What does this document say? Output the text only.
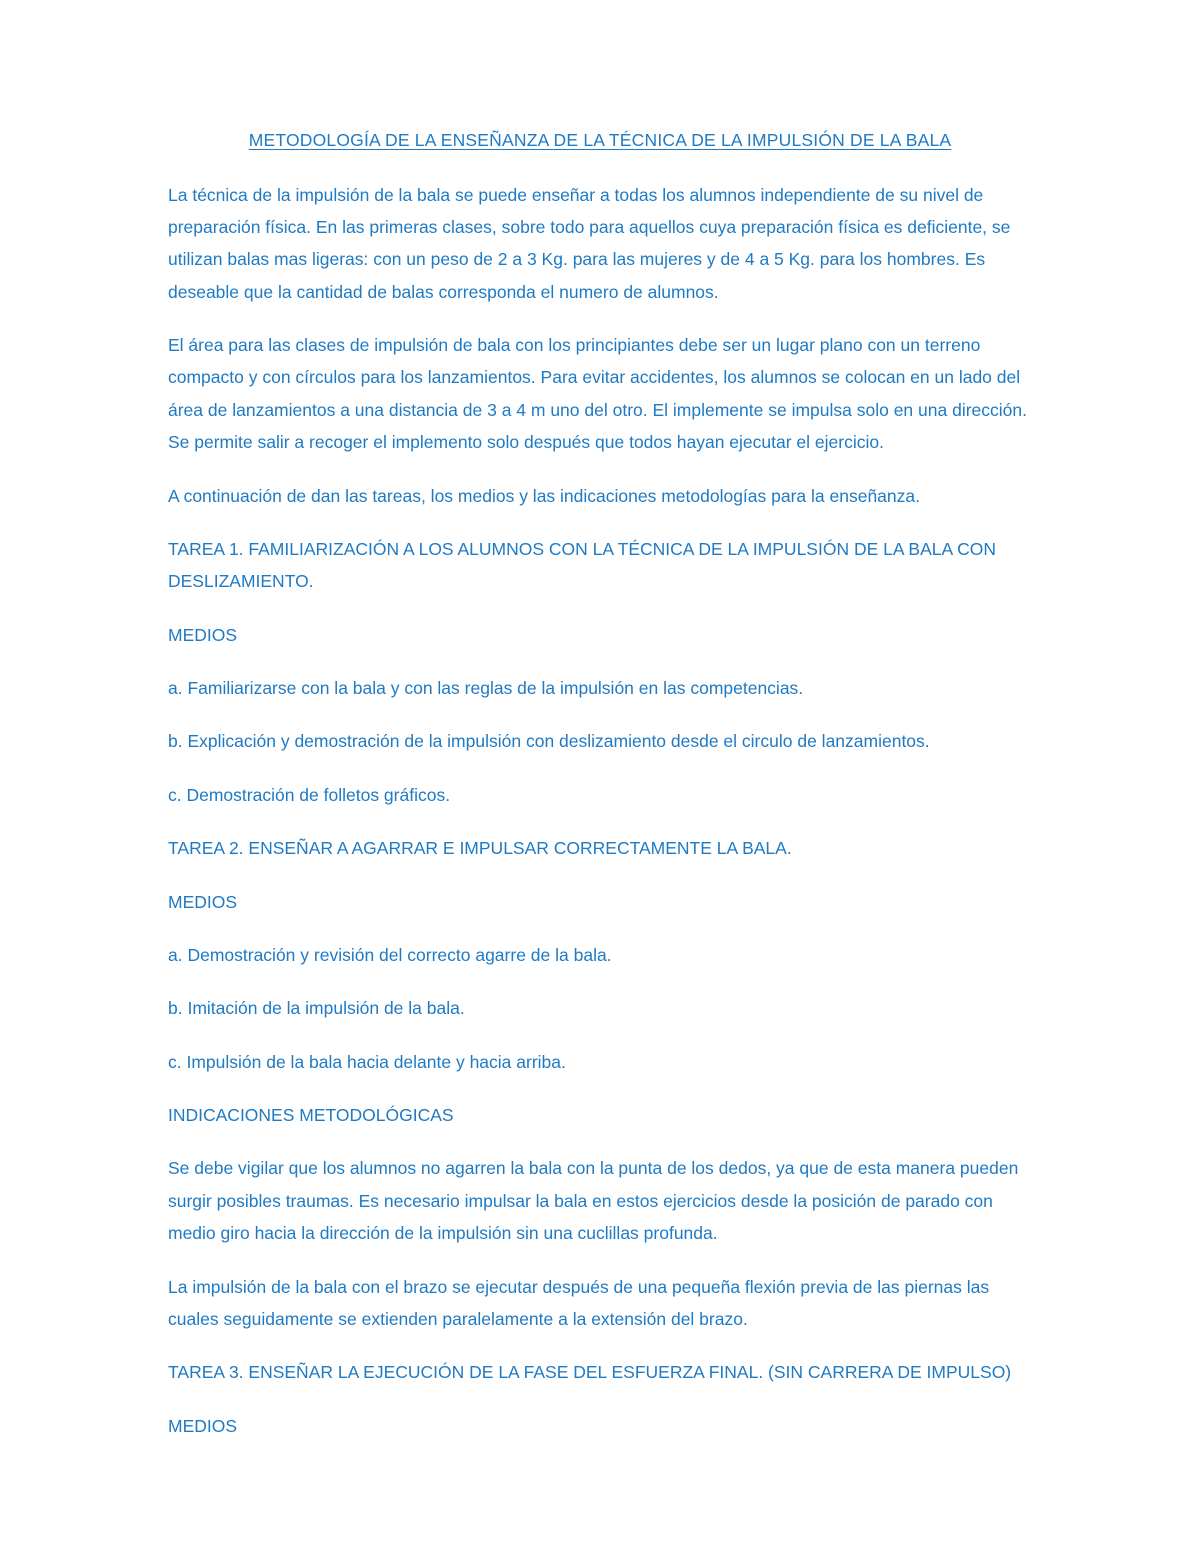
METODOLOGÍA DE LA ENSEÑANZA DE LA TÉCNICA DE LA IMPULSIÓN DE LA BALA

La técnica de la impulsión de la bala se puede enseñar a todas los alumnos independiente de su nivel de preparación física. En las primeras clases, sobre todo para aquellos cuya preparación física es deficiente, se utilizan balas mas ligeras: con un peso de 2 a 3 Kg. para las mujeres y de 4 a 5 Kg. para los hombres. Es deseable que la cantidad de balas corresponda el numero de alumnos.

El área para las clases de impulsión de bala con los principiantes debe ser un lugar plano con un terreno compacto y con círculos para los lanzamientos. Para evitar accidentes, los alumnos se colocan en un lado del área de lanzamientos a una distancia de 3 a 4 m uno del otro. El implemente se impulsa solo en una dirección. Se permite salir a recoger el implemento solo después que todos hayan ejecutar el ejercicio.

A continuación de dan las tareas, los medios y las indicaciones metodologías para la enseñanza.

TAREA 1. FAMILIARIZACIÓN A LOS ALUMNOS CON LA TÉCNICA DE LA IMPULSIÓN DE LA BALA CON DESLIZAMIENTO.
MEDIOS

a. Familiarizarse con la bala y con las reglas de la impulsión en las competencias.

b. Explicación y demostración de la impulsión con deslizamiento desde el circulo de lanzamientos.

c. Demostración de folletos gráficos.

TAREA 2. ENSEÑAR A AGARRAR E IMPULSAR CORRECTAMENTE LA BALA.
MEDIOS

a. Demostración y revisión del correcto agarre de la bala.

b. Imitación de la impulsión de la bala.

c. Impulsión de la bala hacia delante y hacia arriba.

INDICACIONES METODOLÓGICAS

Se debe vigilar que los alumnos no agarren la bala con la punta de los dedos, ya que de esta manera pueden surgir posibles traumas. Es necesario impulsar la bala en estos ejercicios desde la posición de parado con medio giro hacia la dirección de la impulsión sin una cuclillas profunda.

La impulsión de la bala con el brazo se ejecutar después de una pequeña flexión previa de las piernas las cuales seguidamente se extienden paralelamente a la extensión del brazo.

TAREA 3. ENSEÑAR LA EJECUCIÓN DE LA FASE DEL ESFUERZA FINAL. (SIN CARRERA DE IMPULSO)
MEDIOS
